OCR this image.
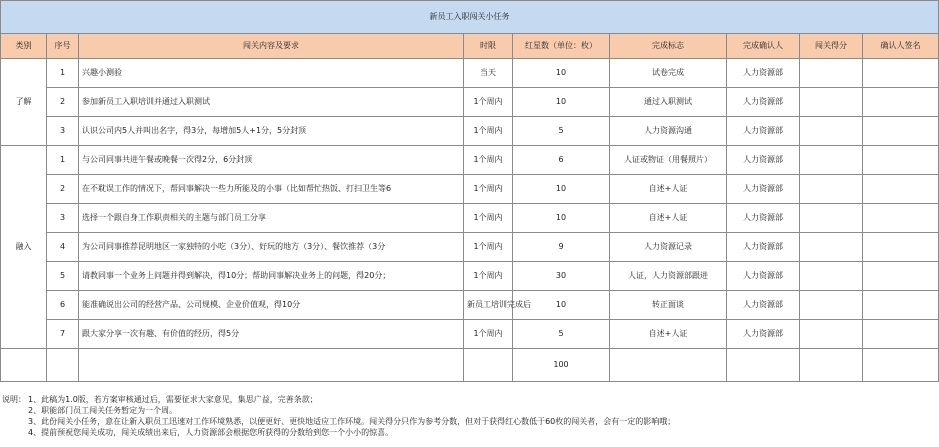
新员工入职闯关小任务								
类别	序号	闯关内容及要求	时限	红星数（单位：枚）	完成标志	完成确认人	闯关得分	确认人签名
了解	1	兴趣小测验	当天	10	试卷完成	人力资源部		
	2	参加新员工入职培训并通过入职测试	1个周内	10	通过入职测试	人力资源部		
	3	认识公司内5人并叫出名字，得3分，每增加5人+1分，5分封顶	1个周内	5	人力资源沟通	人力资源部		
融入	1	与公司同事共进午餐或晚餐一次得2分，6分封顶	1个周内	6	人证或物证（用餐照片）	人力资源部		
	2	在不耽误工作的情况下，帮同事解决一些力所能及的小事（比如帮忙热饭、打扫卫生等6	1个周内	10	自述+人证	人力资源部		
	3	选择一个跟自身工作职责相关的主题与部门员工分享	1个周内	10	自述+人证	人力资源部		
	4	为公司同事推荐昆明地区一家独特的小吃（3分）、好玩的地方（3分）、餐饮推荐（3分	1个周内	9	人力资源记录	人力资源部		
	5	请教同事一个业务上问题并得到解决，得10分；帮助同事解决业务上的问题，得20分；	1个周内	30	人证，人力资源部跟进	人力资源部		
	6	能准确说出公司的经营产品、公司规模、企业价值观，得10分	新员工培训完成后	10	转正面谈	人力资源部		
	7	跟大家分享一次有趣、有价值的经历，得5分	1个周内	5	自述+人证	人力资源部		
				100				
说明： 1、此稿为1.0版，若方案审核通过后，需要征求大家意见，集思广益，完善条款；
2、职能部门员工闯关任务暂定为一个周。
3、此份闯关小任务，意在让新入职员工迅速对工作环境熟悉，以便更好、更快地适应工作环境。闯关得分只作为参考分数，但对于获得红心数低于60枚的闯关者，会有一定的影响哦；
4、提前预祝您闯关成功，闯关成绩出来后，人力资源部会根据您所获得的分数给到您一个小小的惊喜。
